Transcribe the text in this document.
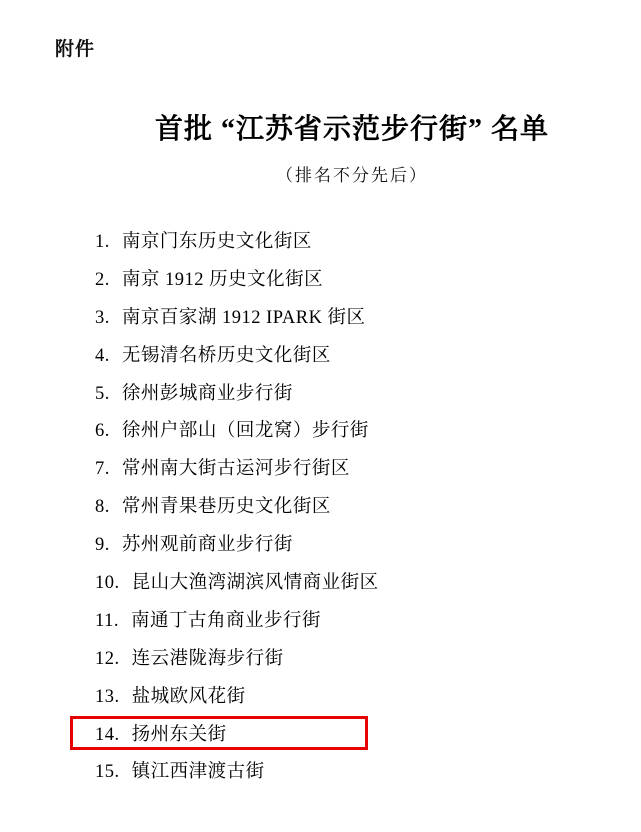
附件
首批 “江苏省示范步行街” 名单
（排名不分先后）
1. 南京门东历史文化街区
2. 南京 1912 历史文化街区
3. 南京百家湖 1912 IPARK 街区
4. 无锡清名桥历史文化街区
5. 徐州彭城商业步行街
6. 徐州户部山（回龙窝）步行街
7. 常州南大街古运河步行街区
8. 常州青果巷历史文化街区
9. 苏州观前商业步行街
10. 昆山大渔湾湖滨风情商业街区
11. 南通丁古角商业步行街
12. 连云港陇海步行街
13. 盐城欧风花街
14. 扬州东关街
15. 镇江西津渡古街
